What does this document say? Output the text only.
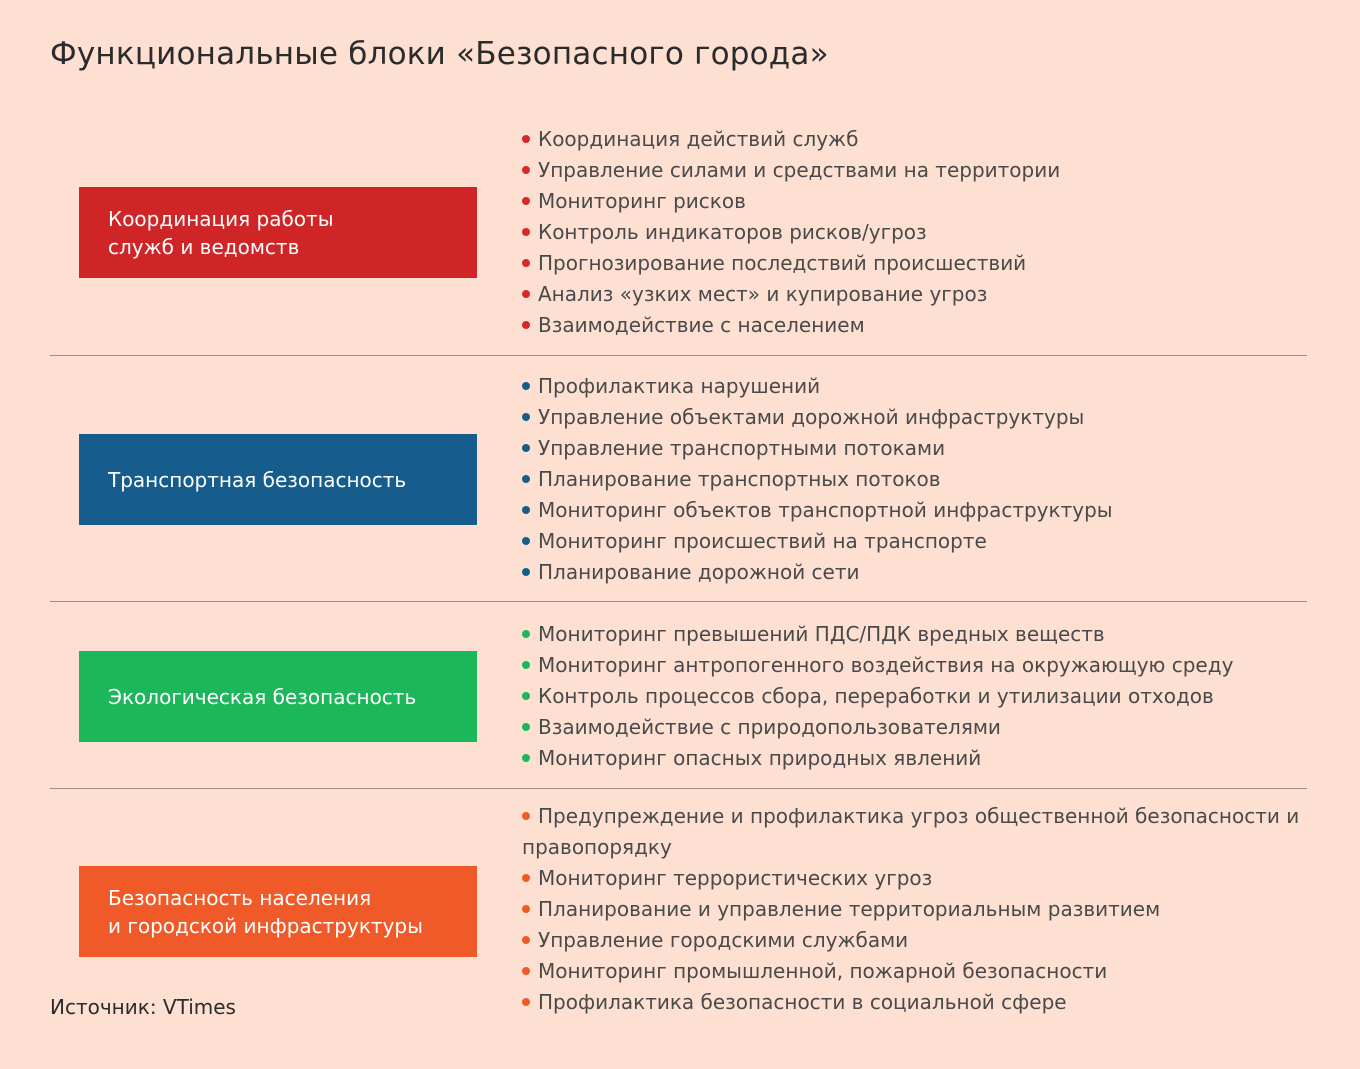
Функциональные блоки «Безопасного города»
Координация работы
служб и ведомств
Координация действий служб
Управление силами и средствами на территории
Мониторинг рисков
Контроль индикаторов рисков/угроз
Прогнозирование последствий происшествий
Анализ «узких мест» и купирование угроз
Взаимодействие с населением
Транспортная безопасность
Профилактика нарушений
Управление объектами дорожной инфраструктуры
Управление транспортными потоками
Планирование транспортных потоков
Мониторинг объектов транспортной инфраструктуры
Мониторинг происшествий на транспорте
Планирование дорожной сети
Экологическая безопасность
Мониторинг превышений ПДС/ПДК вредных веществ
Мониторинг антропогенного воздействия на окружающую среду
Контроль процессов сбора, переработки и утилизации отходов
Взаимодействие с природопользователями
Мониторинг опасных природных явлений
Безопасность населения
и городской инфраструктуры
Предупреждение и профилактика угроз общественной безопасности и правопорядку
Мониторинг террористических угроз
Планирование и управление территориальным развитием
Управление городскими службами
Мониторинг промышленной, пожарной безопасности
Профилактика безопасности в социальной сфере
Источник: VTimes
